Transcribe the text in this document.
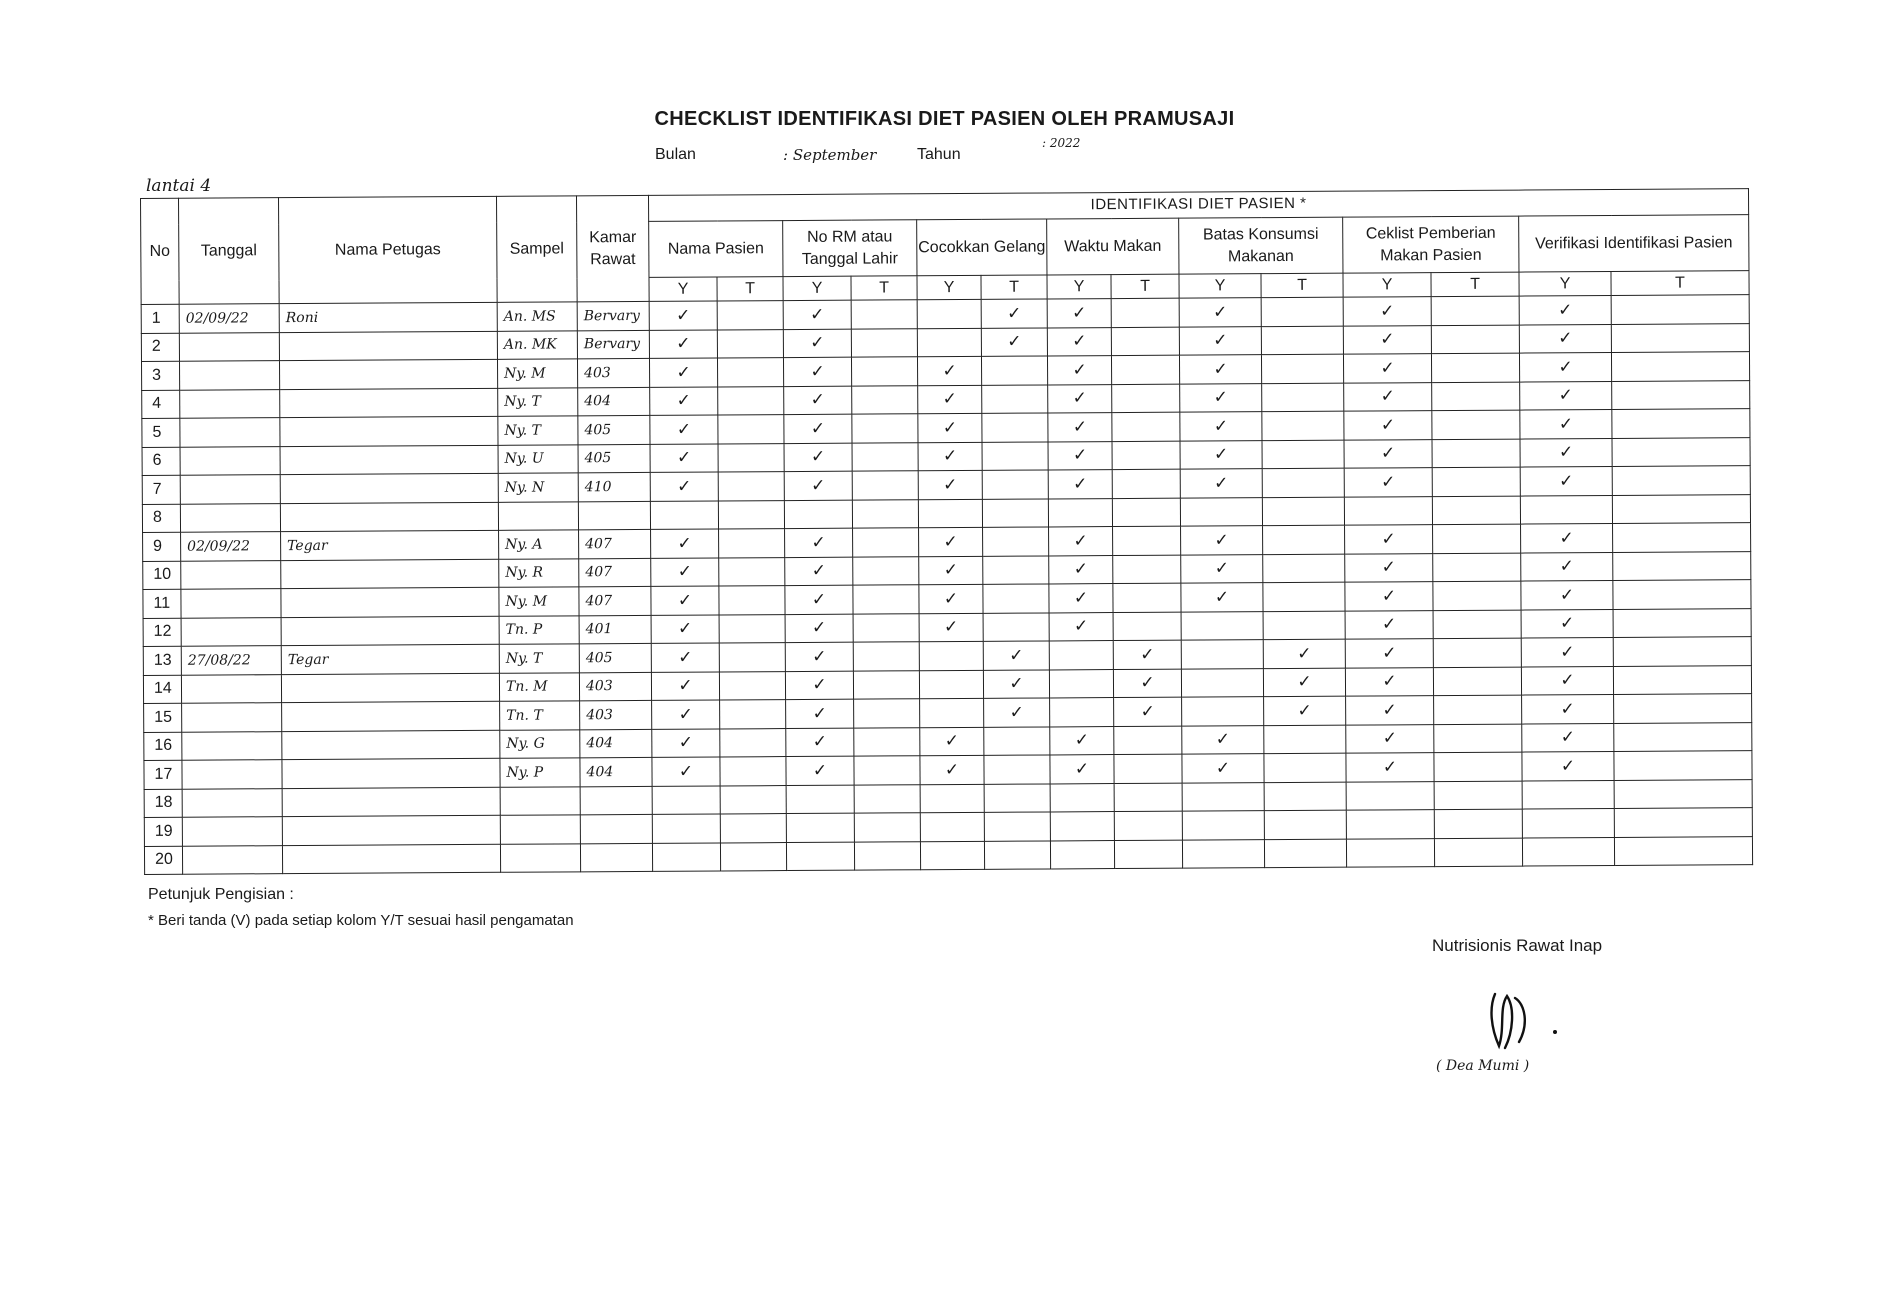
CHECKLIST IDENTIFIKASI DIET PASIEN OLEH PRAMUSAJI
Bulan	: September	Tahun
: 2022
lantai 4
No	Tanggal	Nama Petugas	Sampel	Kamar Rawat	IDENTIFIKASI DIET PASIEN *													
					Nama Pasien		No RM atau Tanggal Lahir		Cocokkan Gelang		Waktu Makan		Batas Konsumsi Makanan		Ceklist Pemberian Makan Pasien		Verifikasi Identifikasi Pasien	
					Y	T	Y	T	Y	T	Y	T	Y	T	Y	T	Y	T
1	02/09/22	Roni	An. MS	Bervary	✓		✓			✓	✓		✓		✓		✓	
2			An. MK	Bervary	✓		✓			✓	✓		✓		✓		✓	
3			Ny. M	403	✓		✓		✓		✓		✓		✓		✓	
4			Ny. T	404	✓		✓		✓		✓		✓		✓		✓	
5			Ny. T	405	✓		✓		✓		✓		✓		✓		✓	
6			Ny. U	405	✓		✓		✓		✓		✓		✓		✓	
7			Ny. N	410	✓		✓		✓		✓		✓		✓		✓	
8																		
9	02/09/22	Tegar	Ny. A	407	✓		✓		✓		✓		✓		✓		✓	
10			Ny. R	407	✓		✓		✓		✓		✓		✓		✓	
11			Ny. M	407	✓		✓		✓		✓		✓		✓		✓	
12			Tn. P	401	✓		✓		✓		✓				✓		✓	
13	27/08/22	Tegar	Ny. T	405	✓		✓			✓		✓		✓	✓		✓	
14			Tn. M	403	✓		✓			✓		✓		✓	✓		✓	
15			Tn. T	403	✓		✓			✓		✓		✓	✓		✓	
16			Ny. G	404	✓		✓		✓		✓		✓		✓		✓	
17			Ny. P	404	✓		✓		✓		✓		✓		✓		✓	
18																		
19																		
20																		
Petunjuk Pengisian :
* Beri tanda (V) pada setiap kolom Y/T sesuai hasil pengamatan
Nutrisionis Rawat Inap
( Dea Mumi )
